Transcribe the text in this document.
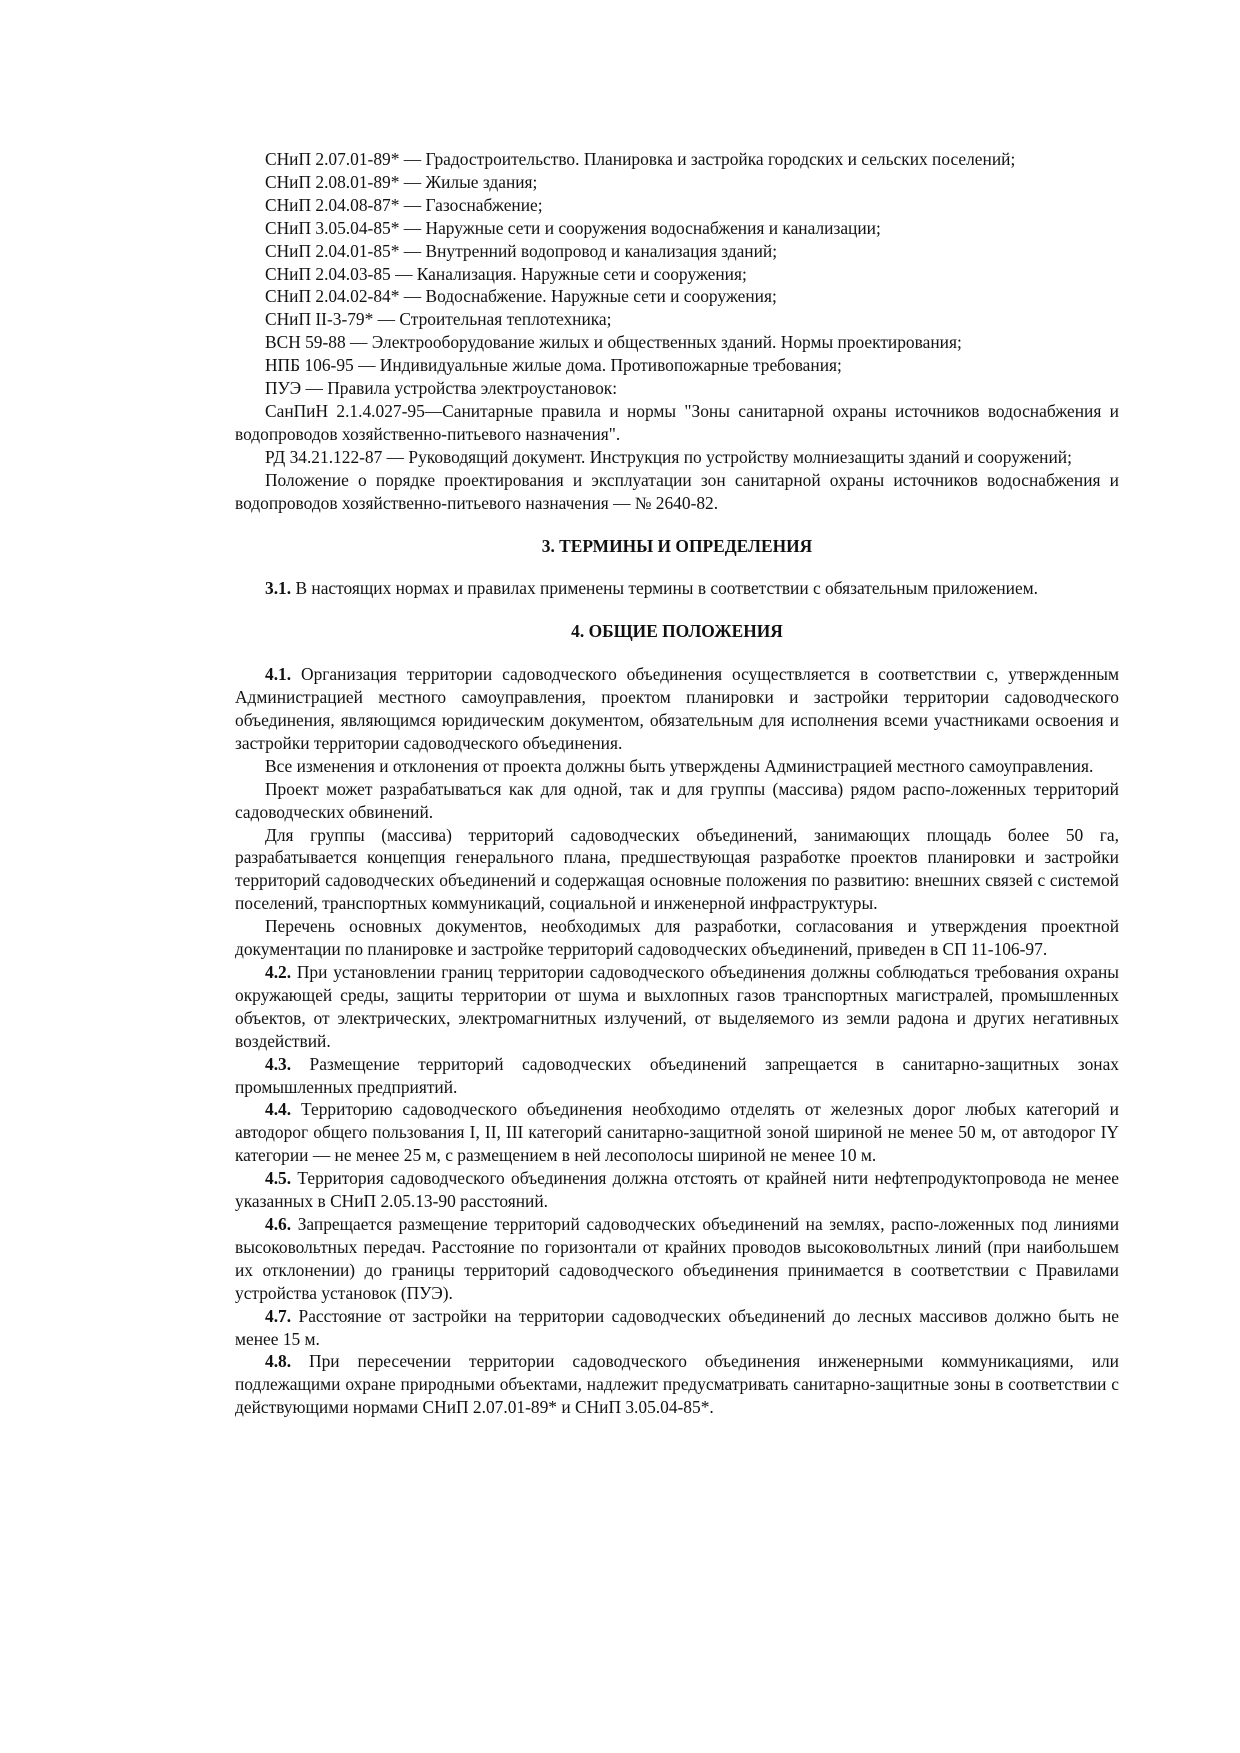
СНиП 2.07.01-89* — Градостроительство. Планировка и застройка городских и сельских поселений;

СНиП 2.08.01-89* — Жилые здания;

СНиП 2.04.08-87* — Газоснабжение;

СНиП 3.05.04-85* — Наружные сети и сооружения водоснабжения и канализации;

СНиП 2.04.01-85* — Внутренний водопровод и канализация зданий;

СНиП 2.04.03-85 — Канализация. Наружные сети и сооружения;

СНиП 2.04.02-84* — Водоснабжение. Наружные сети и сооружения;

СНиП II-3-79* — Строительная теплотехника;

ВСН 59-88 — Электрооборудование жилых и общественных зданий. Нормы проектирования;

НПБ 106-95 — Индивидуальные жилые дома. Противопожарные требования;

ПУЭ — Правила устройства электроустановок:

СанПиН 2.1.4.027-95—Санитарные правила и нормы "Зоны санитарной охраны источников водоснабжения и водопроводов хозяйственно-питьевого назначения".

РД 34.21.122-87 — Руководящий документ. Инструкция по устройству молниезащиты зданий и сооружений;

Положение о порядке проектирования и эксплуатации зон санитарной охраны источников водоснабжения и водопроводов хозяйственно-питьевого назначения — № 2640-82.

3. ТЕРМИНЫ И ОПРЕДЕЛЕНИЯ

3.1. В настоящих нормах и правилах применены термины в соответствии с обязательным приложением.

4. ОБЩИЕ ПОЛОЖЕНИЯ

4.1. Организация территории садоводческого объединения осуществляется в соответствии с, утвержденным Администрацией местного самоуправления, проектом планировки и застройки территории садоводческого объединения, являющимся юридическим документом, обязательным для исполнения всеми участниками освоения и застройки территории садоводческого объединения.

Все изменения и отклонения от проекта должны быть утверждены Администрацией местного самоуправления.

Проект может разрабатываться как для одной, так и для группы (массива) рядом распо-ложенных территорий садоводческих обвинений.

Для группы (массива) территорий садоводческих объединений, занимающих площадь более 50 га, разрабатывается концепция генерального плана, предшествующая разработке проектов планировки и застройки территорий садоводческих объединений и содержащая основные положения по развитию: внешних связей с системой поселений, транспортных коммуникаций, социальной и инженерной инфраструктуры.

Перечень основных документов, необходимых для разработки, согласования и утверждения проектной документации по планировке и застройке территорий садоводческих объединений, приведен в СП 11-106-97.

4.2. При установлении границ территории садоводческого объединения должны соблюдаться требования охраны окружающей среды, защиты территории от шума и выхлопных газов транспортных магистралей, промышленных объектов, от электрических, электромагнитных излучений, от выделяемого из земли радона и других негативных воздействий.

4.3. Размещение территорий садоводческих объединений запрещается в санитарно-защитных зонах промышленных предприятий.

4.4. Территорию садоводческого объединения необходимо отделять от железных дорог любых категорий и автодорог общего пользования I, II, III категорий санитарно-защитной зоной шириной не менее 50 м, от автодорог IY категории — не менее 25 м, с размещением в ней лесополосы шириной не менее 10 м.

4.5. Территория садоводческого объединения должна отстоять от крайней нити нефтепродуктопровода не менее указанных в СНиП 2.05.13-90 расстояний.

4.6. Запрещается размещение территорий садоводческих объединений на землях, распо-ложенных под линиями высоковольтных передач. Расстояние по горизонтали от крайних проводов высоковольтных линий (при наибольшем их отклонении) до границы территорий садоводческого объединения принимается в соответствии с Правилами устройства установок (ПУЭ).

4.7. Расстояние от застройки на территории садоводческих объединений до лесных массивов должно быть не менее 15 м.

4.8. При пересечении территории садоводческого объединения инженерными коммуникациями, или подлежащими охране природными объектами, надлежит предусматривать санитарно-защитные зоны в соответствии с действующими нормами СНиП 2.07.01-89* и СНиП 3.05.04-85*.
